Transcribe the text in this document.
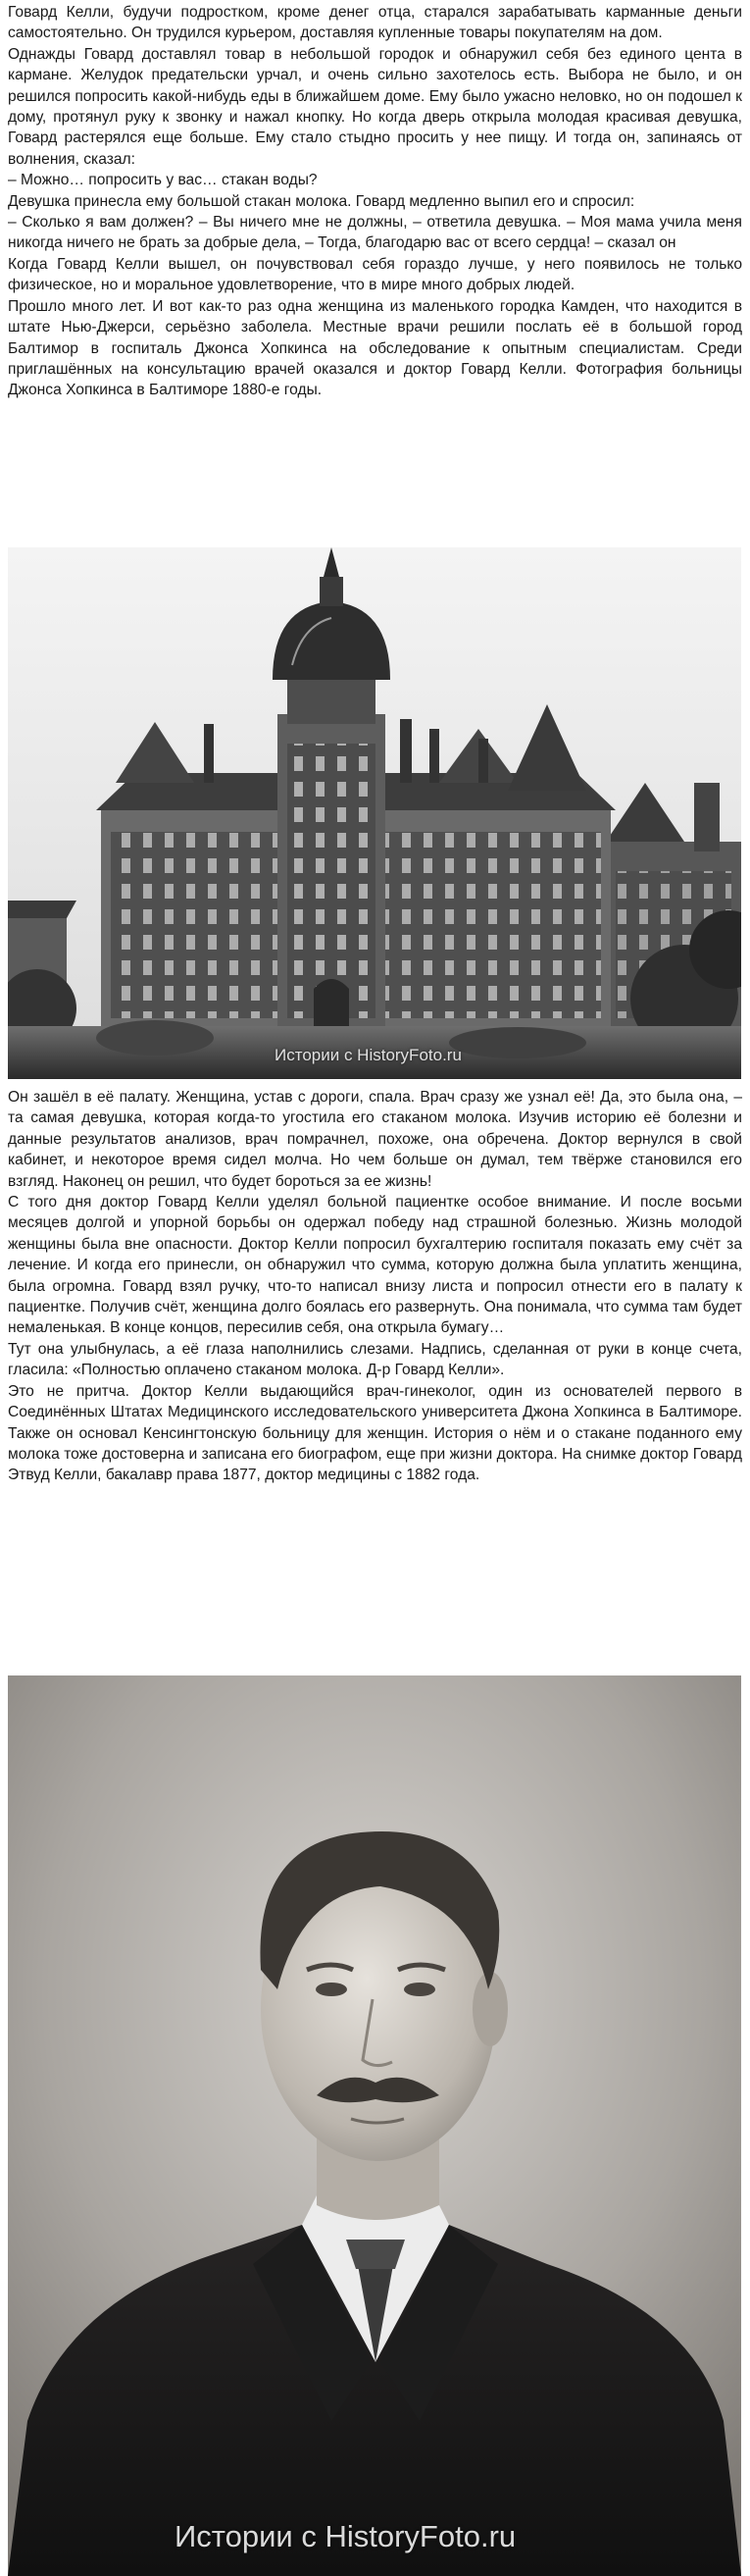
Говард Келли, будучи подростком, кроме денег отца, старался зарабатывать карманные деньги самостоятельно. Он трудился курьером, доставляя купленные товары покупателям на дом.

Однажды Говард доставлял товар в небольшой городок и обнаружил себя без единого цента в кармане. Желудок предательски урчал, и очень сильно захотелось есть. Выбора не было, и он решился попросить какой-нибудь еды в ближайшем доме. Ему было ужасно неловко, но он подошел к дому, протянул руку к звонку и нажал кнопку. Но когда дверь открыла молодая красивая девушка, Говард растерялся еще больше. Ему стало стыдно просить у нее пищу. И тогда он, запинаясь от волнения, сказал:

– Можно… попросить у вас… стакан воды?

Девушка принесла ему большой стакан молока. Говард медленно выпил его и спросил:

– Сколько я вам должен? – Вы ничего мне не должны, – ответила девушка. – Моя мама учила меня никогда ничего не брать за добрые дела, – Тогда, благодарю вас от всего сердца! – сказал он

Когда Говард Келли вышел, он почувствовал себя гораздо лучше, у него появилось не только физическое, но и моральное удовлетворение, что в мире много добрых людей.

Прошло много лет. И вот как-то раз одна женщина из маленького городка Камден, что находится в штате Нью-Джерси, серьёзно заболела. Местные врачи решили послать её в большой город Балтимор в госпиталь Джонса Хопкинса на обследование к опытным специалистам. Среди приглашённых на консультацию врачей оказался и доктор Говард Келли. Фотография больницы Джонса Хопкинса в Балтиморе 1880-е годы.

Истории с HistoryFoto.ru

Он зашёл в её палату. Женщина, устав с дороги, спала. Врач сразу же узнал её! Да, это была она, – та самая девушка, которая когда-то угостила его стаканом молока. Изучив историю её болезни и данные результатов анализов, врач помрачнел, похоже, она обречена. Доктор вернулся в свой кабинет, и некоторое время сидел молча. Но чем больше он думал, тем твёрже становился его взгляд. Наконец он решил, что будет бороться за ее жизнь!

С того дня доктор Говард Келли уделял больной пациентке особое внимание. И после восьми месяцев долгой и упорной борьбы он одержал победу над страшной болезнью. Жизнь молодой женщины была вне опасности. Доктор Келли попросил бухгалтерию госпиталя показать ему счёт за лечение. И когда его принесли, он обнаружил что сумма, которую должна была уплатить женщина, была огромна. Говард взял ручку, что-то написал внизу листа и попросил отнести его в палату к пациентке. Получив счёт, женщина долго боялась его развернуть. Она понимала, что сумма там будет немаленькая. В конце концов, пересилив себя, она открыла бумагу…

Тут она улыбнулась, а её глаза наполнились слезами. Надпись, сделанная от руки в конце счета, гласила: «Полностью оплачено стаканом молока. Д-р Говард Келли».

Это не притча. Доктор Келли выдающийся врач-гинеколог, один из основателей первого в Соединённых Штатах Медицинского исследовательского университета Джона Хопкинса в Балтиморе. Также он основал Кенсингтонскую больницу для женщин. История о нём и о стакане поданного ему молока тоже достоверна и записана его биографом, еще при жизни доктора. На снимке доктор Говард Этвуд Келли, бакалавр права 1877, доктор медицины с 1882 года.

Истории с HistoryFoto.ru
